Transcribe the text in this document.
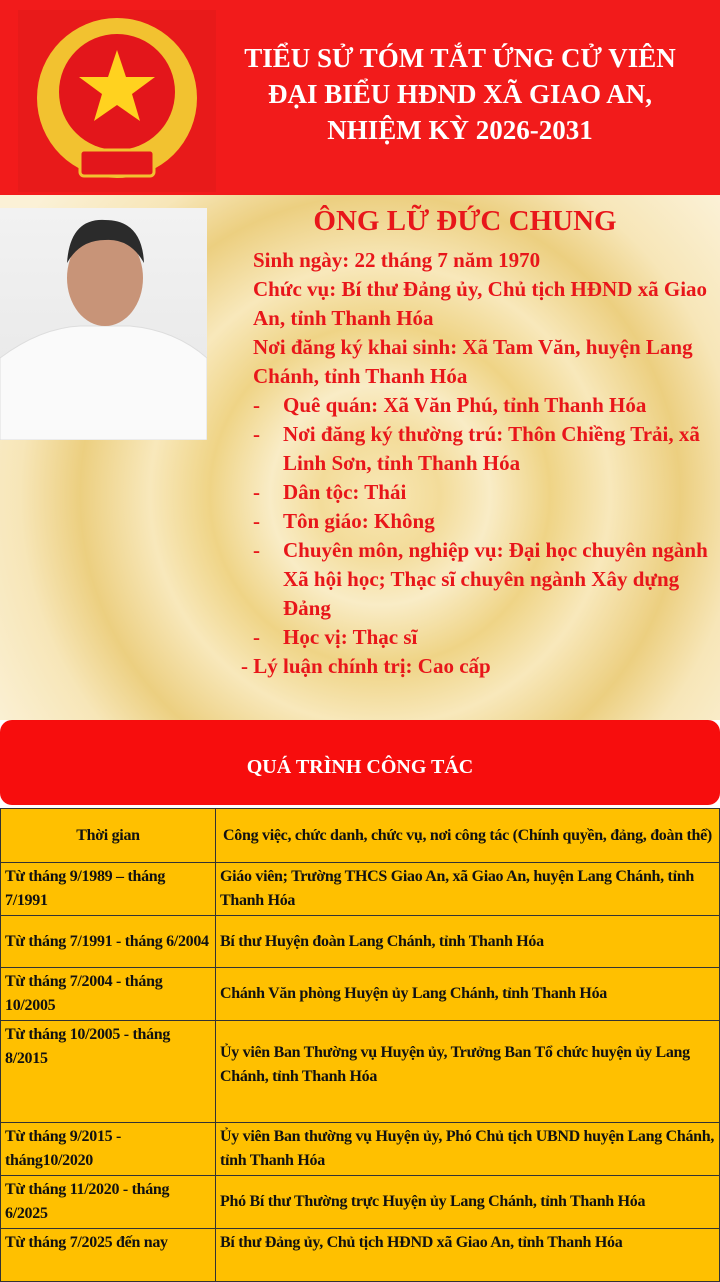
TIỂU SỬ TÓM TẮT ỨNG CỬ VIÊN
ĐẠI BIỂU HĐND XÃ GIAO AN,
NHIỆM KỲ 2026-2031
ÔNG LỮ ĐỨC CHUNG
Sinh ngày: 22 tháng 7 năm 1970
Chức vụ: Bí thư Đảng ủy, Chủ tịch HĐND xã Giao An, tỉnh Thanh Hóa
Nơi đăng ký khai sinh: Xã Tam Văn, huyện Lang Chánh, tỉnh Thanh Hóa
-	Quê quán: Xã Văn Phú, tỉnh Thanh Hóa
-	Nơi đăng ký thường trú: Thôn Chiềng Trải, xã Linh Sơn, tỉnh Thanh Hóa
-	Dân tộc: Thái
-	Tôn giáo: Không
-	Chuyên môn, nghiệp vụ: Đại học chuyên ngành Xã hội học; Thạc sĩ chuyên ngành Xây dựng Đảng
-	Học vị: Thạc sĩ
- Lý luận chính trị: Cao cấp
QUÁ TRÌNH CÔNG TÁC
Thời gian	Công việc, chức danh, chức vụ, nơi công tác (Chính quyền, đảng, đoàn thể)
Từ tháng 9/1989 – tháng 7/1991	Giáo viên; Trường THCS Giao An, xã Giao An, huyện Lang Chánh, tỉnh Thanh Hóa
Từ tháng 7/1991 - tháng 6/2004	Bí thư Huyện đoàn Lang Chánh, tỉnh Thanh Hóa
Từ tháng 7/2004 - tháng 10/2005	Chánh Văn phòng Huyện ủy Lang Chánh, tỉnh Thanh Hóa
Từ tháng 10/2005 - tháng 8/2015	Ủy viên Ban Thường vụ Huyện ủy, Trưởng Ban Tổ chức huyện ủy Lang Chánh, tỉnh Thanh Hóa
Từ tháng 9/2015 - tháng10/2020	Ủy viên Ban thường vụ Huyện ủy, Phó Chủ tịch UBND huyện Lang Chánh, tỉnh Thanh Hóa
Từ tháng 11/2020 - tháng 6/2025	Phó Bí thư Thường trực Huyện ủy Lang Chánh, tỉnh Thanh Hóa
Từ tháng 7/2025 đến nay	Bí thư Đảng ủy, Chủ tịch HĐND xã Giao An, tỉnh Thanh Hóa
